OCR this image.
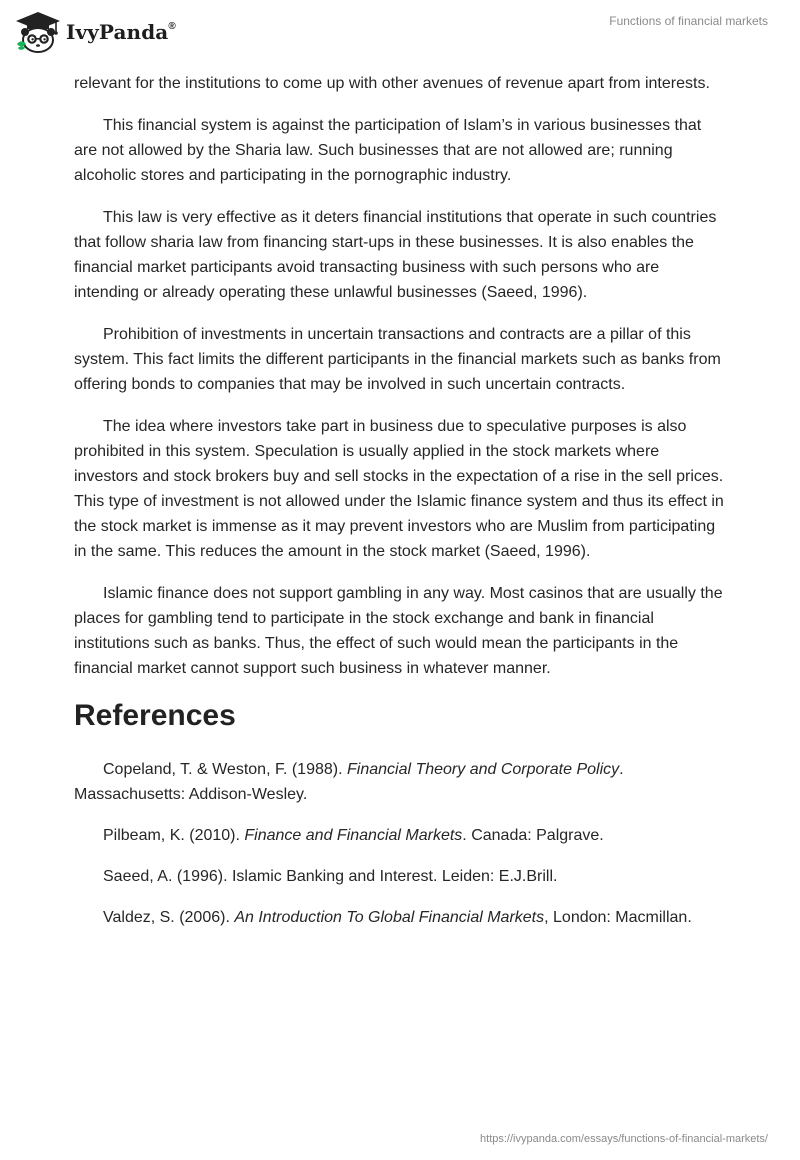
IvyPanda®	Functions of financial markets

relevant for the institutions to come up with other avenues of revenue apart from interests.

This financial system is against the participation of Islam’s in various businesses that are not allowed by the Sharia law. Such businesses that are not allowed are; running alcoholic stores and participating in the pornographic industry.

This law is very effective as it deters financial institutions that operate in such countries that follow sharia law from financing start-ups in these businesses. It is also enables the financial market participants avoid transacting business with such persons who are intending or already operating these unlawful businesses (Saeed, 1996).

Prohibition of investments in uncertain transactions and contracts are a pillar of this system. This fact limits the different participants in the financial markets such as banks from offering bonds to companies that may be involved in such uncertain contracts.

The idea where investors take part in business due to speculative purposes is also prohibited in this system. Speculation is usually applied in the stock markets where investors and stock brokers buy and sell stocks in the expectation of a rise in the sell prices. This type of investment is not allowed under the Islamic finance system and thus its effect in the stock market is immense as it may prevent investors who are Muslim from participating in the same. This reduces the amount in the stock market (Saeed, 1996).

Islamic finance does not support gambling in any way. Most casinos that are usually the places for gambling tend to participate in the stock exchange and bank in financial institutions such as banks. Thus, the effect of such would mean the participants in the financial market cannot support such business in whatever manner.

References

Copeland, T. & Weston, F. (1988). Financial Theory and Corporate Policy. Massachusetts: Addison-Wesley.

Pilbeam, K. (2010). Finance and Financial Markets. Canada: Palgrave.

Saeed, A. (1996). Islamic Banking and Interest. Leiden: E.J.Brill.

Valdez, S. (2006). An Introduction To Global Financial Markets, London: Macmillan.

https://ivypanda.com/essays/functions-of-financial-markets/
